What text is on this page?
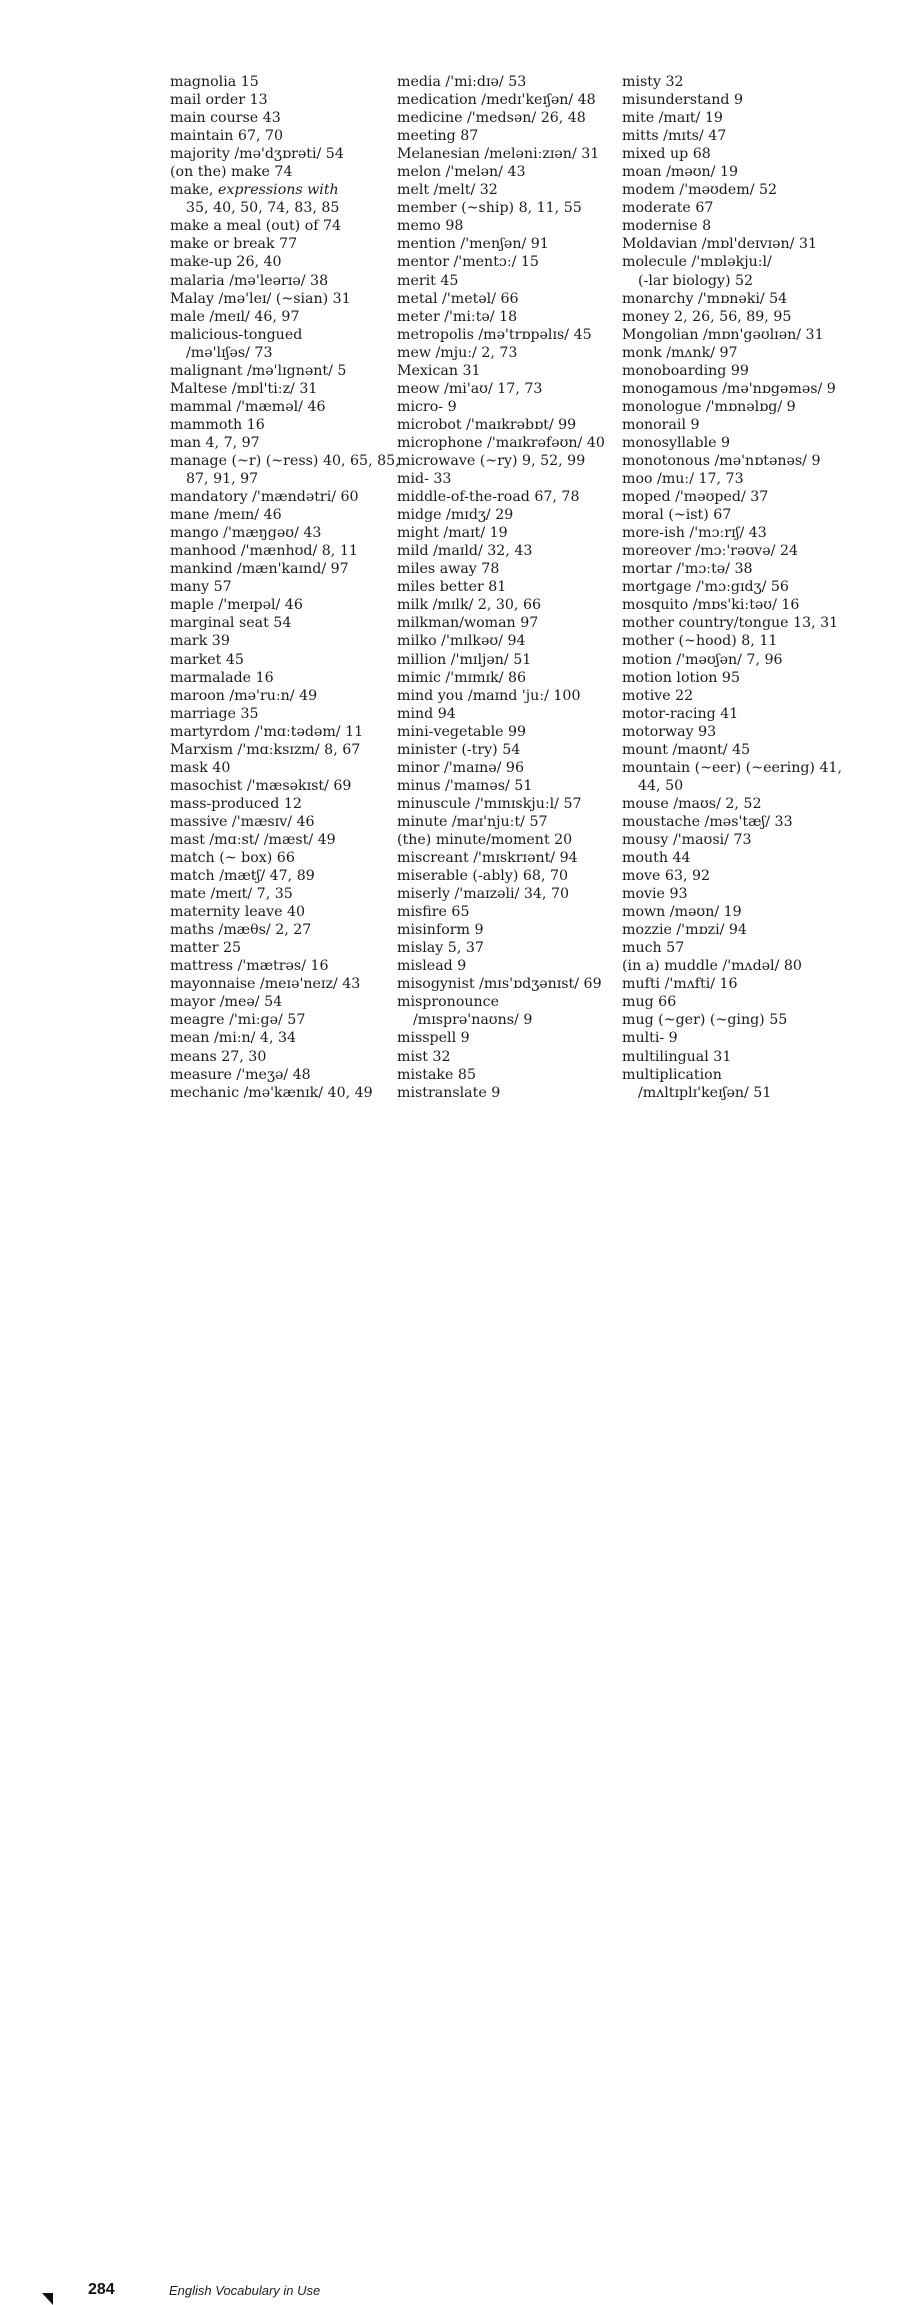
magnolia 15
mail order 13
main course 43
maintain 67, 70
majority /mə'dʒɒrəti/ 54
(on the) make 74
make, expressions with
35, 40, 50, 74, 83, 85
make a meal (out) of 74
make or break 77
make-up 26, 40
malaria /mə'leərɪə/ 38
Malay /mə'leɪ/ (~sian) 31
male /meɪl/ 46, 97
malicious-tongued
/mə'lɪʃəs/ 73
malignant /mə'lɪgnənt/ 5
Maltese /mɒl'tiːz/ 31
mammal /'mæməl/ 46
mammoth 16
man 4, 7, 97
manage (~r) (~ress) 40, 65, 85,
87, 91, 97
mandatory /'mændətri/ 60
mane /meɪn/ 46
mango /'mæŋgəʊ/ 43
manhood /'mænhʊd/ 8, 11
mankind /mæn'kaɪnd/ 97
many 57
maple /'meɪpəl/ 46
marginal seat 54
mark 39
market 45
marmalade 16
maroon /mə'ruːn/ 49
marriage 35
martyrdom /'mɑːtədəm/ 11
Marxism /'mɑːksɪzm/ 8, 67
mask 40
masochist /'mæsəkɪst/ 69
mass-produced 12
massive /'mæsɪv/ 46
mast /mɑːst/ /mæst/ 49
match (~ box) 66
match /mætʃ/ 47, 89
mate /meɪt/ 7, 35
maternity leave 40
maths /mæθs/ 2, 27
matter 25
mattress /'mætrəs/ 16
mayonnaise /meɪə'neɪz/ 43
mayor /meə/ 54
meagre /'miːgə/ 57
mean /miːn/ 4, 34
means 27, 30
measure /'meʒə/ 48
mechanic /mə'kænɪk/ 40, 49
media /'miːdɪə/ 53
medication /medɪ'keɪʃən/ 48
medicine /'medsən/ 26, 48
meeting 87
Melanesian /meləniːzɪən/ 31
melon /'melən/ 43
melt /melt/ 32
member (~ship) 8, 11, 55
memo 98
mention /'menʃən/ 91
mentor /'mentɔː/ 15
merit 45
metal /'metəl/ 66
meter /'miːtə/ 18
metropolis /mə'trɒpəlɪs/ 45
mew /mjuː/ 2, 73
Mexican 31
meow /mi'aʊ/ 17, 73
micro- 9
microbot /'maɪkrəbɒt/ 99
microphone /'maɪkrəfəʊn/ 40
microwave (~ry) 9, 52, 99
mid- 33
middle-of-the-road 67, 78
midge /mɪdʒ/ 29
might /maɪt/ 19
mild /maɪld/ 32, 43
miles away 78
miles better 81
milk /mɪlk/ 2, 30, 66
milkman/woman 97
milko /'mɪlkəʊ/ 94
million /'mɪljən/ 51
mimic /'mɪmɪk/ 86
mind you /maɪnd 'juː/ 100
mind 94
mini-vegetable 99
minister (-try) 54
minor /'maɪnə/ 96
minus /'maɪnəs/ 51
minuscule /'mɪnɪskjuːl/ 57
minute /maɪ'njuːt/ 57
(the) minute/moment 20
miscreant /'mɪskrɪənt/ 94
miserable (-ably) 68, 70
miserly /'maɪzəli/ 34, 70
misfire 65
misinform 9
mislay 5, 37
mislead 9
misogynist /mɪs'ɒdʒənɪst/ 69
mispronounce
/mɪsprə'naʊns/ 9
misspell 9
mist 32
mistake 85
mistranslate 9
misty 32
misunderstand 9
mite /maɪt/ 19
mitts /mɪts/ 47
mixed up 68
moan /məʊn/ 19
modem /'məʊdem/ 52
moderate 67
modernise 8
Moldavian /mɒl'deɪvɪən/ 31
molecule /'mɒləkjuːl/
(-lar biology) 52
monarchy /'mɒnəki/ 54
money 2, 26, 56, 89, 95
Mongolian /mɒn'gəʊlɪən/ 31
monk /mʌnk/ 97
monoboarding 99
monogamous /mə'nɒgəməs/ 9
monologue /'mɒnəlɒg/ 9
monorail 9
monosyllable 9
monotonous /mə'nɒtənəs/ 9
moo /muː/ 17, 73
moped /'məʊped/ 37
moral (~ist) 67
more-ish /'mɔːrɪʃ/ 43
moreover /mɔː'rəʊvə/ 24
mortar /'mɔːtə/ 38
mortgage /'mɔːgɪdʒ/ 56
mosquito /mɒs'kiːtəʊ/ 16
mother country/tongue 13, 31
mother (~hood) 8, 11
motion /'məʊʃən/ 7, 96
motion lotion 95
motive 22
motor-racing 41
motorway 93
mount /maʊnt/ 45
mountain (~eer) (~eering) 41,
44, 50
mouse /maʊs/ 2, 52
moustache /məs'tæʃ/ 33
mousy /'maʊsi/ 73
mouth 44
move 63, 92
movie 93
mown /məʊn/ 19
mozzie /'mɒzi/ 94
much 57
(in a) muddle /'mʌdəl/ 80
mufti /'mʌfti/ 16
mug 66
mug (~ger) (~ging) 55
multi- 9
multilingual 31
multiplication
/mʌltɪplɪ'keɪʃən/ 51
284	English Vocabulary in Use
